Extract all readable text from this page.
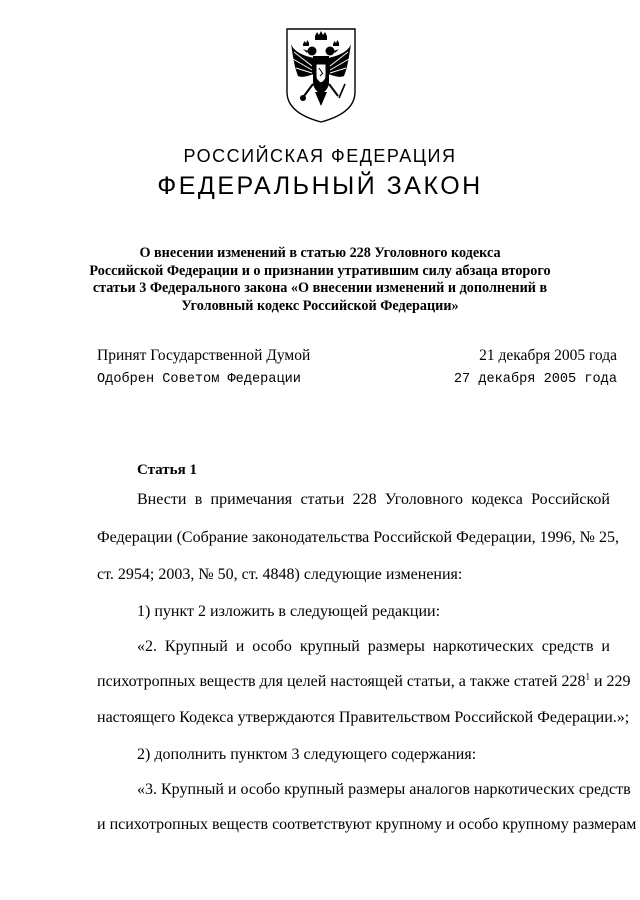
РОССИЙСКАЯ ФЕДЕРАЦИЯ
ФЕДЕРАЛЬНЫЙ ЗАКОН
О внесении изменений в статью 228 Уголовного кодекса
Российской Федерации и о признании утратившим силу абзаца второго
статьи 3 Федерального закона «О внесении изменений и дополнений в
Уголовный кодекс Российской Федерации»
Принят Государственной Думой	21 декабря 2005 года
Одобрен Советом Федерации	27 декабря 2005 года
Статья 1
Внести в примечания статьи 228 Уголовного кодекса Российской
Федерации (Собрание законодательства Российской Федерации, 1996, № 25,
ст. 2954; 2003, № 50, ст. 4848) следующие изменения:
1) пункт 2 изложить в следующей редакции:
«2. Крупный и особо крупный размеры наркотических средств и
психотропных веществ для целей настоящей статьи, а также статей $228^1$ и 229
настоящего Кодекса утверждаются Правительством Российской Федерации.»;
2) дополнить пунктом 3 следующего содержания:
«3. Крупный и особо крупный размеры аналогов наркотических средств
и психотропных веществ соответствуют крупному и особо крупному размерам
